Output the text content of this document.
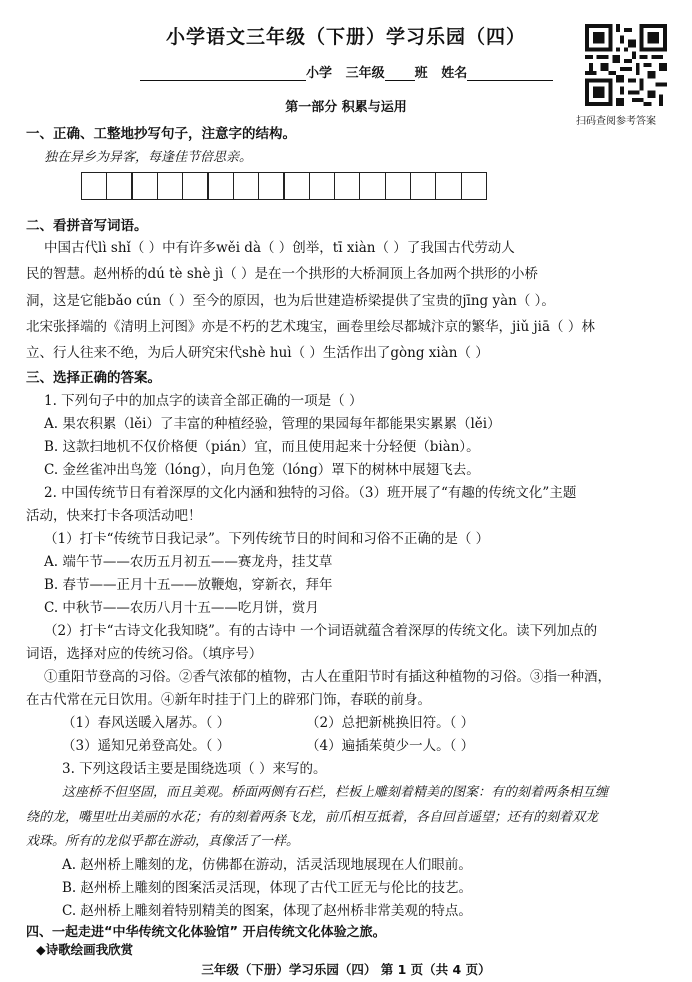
小学语文三年级（下册）学习乐园（四）
小学 三年级 班 姓名
扫码查阅参考答案
第一部分 积累与运用
一、正确、工整地抄写句子，注意字的结构。
独在异乡为异客，每逢佳节倍思亲。
二、看拼音写词语。
中国古代lì shǐ（ ）中有许多wěi dà（ ）创举，tī xiàn（ ）了我国古代劳动人
民的智慧。赵州桥的dú tè shè jì（ ）是在一个拱形的大桥洞顶上各加两个拱形的小桥
洞，这是它能bǎo cún（ ）至今的原因，也为后世建造桥梁提供了宝贵的jīng yàn（ ）。
北宋张择端的《清明上河图》亦是不朽的艺术瑰宝，画卷里绘尽都城汴京的繁华，jiǔ jiā（ ）林
立、行人往来不绝，为后人研究宋代shè huì（ ）生活作出了gòng xiàn（ ）
三、选择正确的答案。
1. 下列句子中的加点字的读音全部正确的一项是（ ）
A. 果农积累（lěi）了丰富的种植经验，管理的果园每年都能果实累累（lěi）
B. 这款扫地机不仅价格便（pián）宜，而且使用起来十分轻便（biàn）。
C. 金丝雀冲出鸟笼（lóng），向月色笼（lóng）罩下的树林中展翅飞去。
2. 中国传统节日有着深厚的文化内涵和独特的习俗。（3）班开展了“有趣的传统文化”主题
活动，快来打卡各项活动吧！
（1）打卡“传统节日我记录”。下列传统节日的时间和习俗不正确的是（ ）
A. 端午节——农历五月初五——赛龙舟，挂艾草
B. 春节——正月十五——放鞭炮，穿新衣，拜年
C. 中秋节——农历八月十五——吃月饼，赏月
（2）打卡“古诗文化我知晓”。有的古诗中 一个词语就蕴含着深厚的传统文化。读下列加点的
词语，选择对应的传统习俗。（填序号）
①重阳节登高的习俗。②香气浓郁的植物，古人在重阳节时有插这种植物的习俗。③指一种酒，
在古代常在元日饮用。④新年时挂于门上的辟邪门饰，春联的前身。
（1）春风送暖入屠苏。（ ）	（2）总把新桃换旧符。（ ）
（3）遥知兄弟登高处。（ ）	（4）遍插茱萸少一人。（ ）
3. 下列这段话主要是围绕选项（ ）来写的。
这座桥不但坚固，而且美观。桥面两侧有石栏，栏板上雕刻着精美的图案：有的刻着两条相互缠
绕的龙，嘴里吐出美丽的水花；有的刻着两条飞龙，前爪相互抵着，各自回首遥望；还有的刻着双龙
戏珠。所有的龙似乎都在游动，真像活了一样。
A. 赵州桥上雕刻的龙，仿佛都在游动，活灵活现地展现在人们眼前。
B. 赵州桥上雕刻的图案活灵活现，体现了古代工匠无与伦比的技艺。
C. 赵州桥上雕刻着特别精美的图案，体现了赵州桥非常美观的特点。
四、一起走进“中华传统文化体验馆” 开启传统文化体验之旅。
◆诗歌绘画我欣赏
三年级（下册）学习乐园（四） 第 1 页（共 4 页）
